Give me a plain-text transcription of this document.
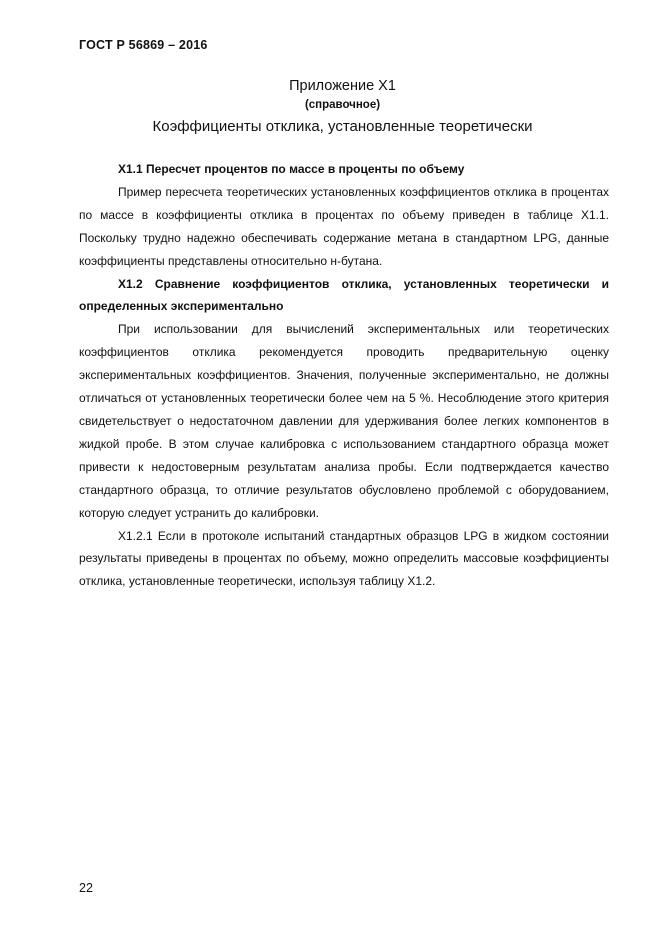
ГОСТ Р 56869 – 2016
Приложение Х1
(справочное)
Коэффициенты отклика, установленные теоретически

Х1.1 Пересчет процентов по массе в проценты по объему

Пример пересчета теоретических установленных коэффициентов отклика в процентах по массе в коэффициенты отклика в процентах по объему приведен в таблице Х1.1. Поскольку трудно надежно обеспечивать содержание метана в стандартном LPG, данные коэффициенты представлены относительно н-бутана.

Х1.2 Сравнение коэффициентов отклика, установленных теоретически и определенных экспериментально

При использовании для вычислений экспериментальных или теоретических коэффициентов отклика рекомендуется проводить предварительную оценку экспериментальных коэффициентов. Значения, полученные экспериментально, не должны отличаться от установленных теоретически более чем на 5 %. Несоблюдение этого критерия свидетельствует о недостаточном давлении для удерживания более легких компонентов в жидкой пробе. В этом случае калибровка с использованием стандартного образца может привести к недостоверным результатам анализа пробы. Если подтверждается качество стандартного образца, то отличие результатов обусловлено проблемой с оборудованием, которую следует устранить до калибровки.

Х1.2.1 Если в протоколе испытаний стандартных образцов LPG в жидком состоянии результаты приведены в процентах по объему, можно определить массовые коэффициенты отклика, установленные теоретически, используя таблицу Х1.2.

22
